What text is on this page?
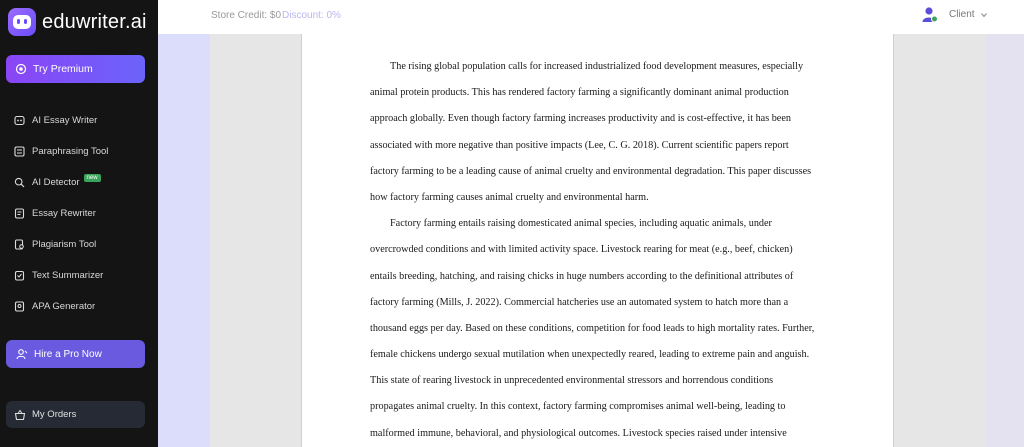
eduwriter.ai
Try Premium
AI Essay Writer
Paraphrasing Tool
AI Detector	new
Essay Rewriter
Plagiarism Tool
Text Summarizer
APA Generator
Hire a Pro Now
My Orders
Store Credit: $0 Discount: 0%	Client
The rising global population calls for increased industrialized food development measures, especially
animal protein products. This has rendered factory farming a significantly dominant animal production
approach globally. Even though factory farming increases productivity and is cost-effective, it has been
associated with more negative than positive impacts (Lee, C. G. 2018). Current scientific papers report
factory farming to be a leading cause of animal cruelty and environmental degradation. This paper discusses
how factory farming causes animal cruelty and environmental harm.
Factory farming entails raising domesticated animal species, including aquatic animals, under
overcrowded conditions and with limited activity space. Livestock rearing for meat (e.g., beef, chicken)
entails breeding, hatching, and raising chicks in huge numbers according to the definitional attributes of
factory farming (Mills, J. 2022). Commercial hatcheries use an automated system to hatch more than a
thousand eggs per day. Based on these conditions, competition for food leads to high mortality rates. Further,
female chickens undergo sexual mutilation when unexpectedly reared, leading to extreme pain and anguish.
This state of rearing livestock in unprecedented environmental stressors and horrendous conditions
propagates animal cruelty. In this context, factory farming compromises animal well-being, leading to
malformed immune, behavioral, and physiological outcomes. Livestock species raised under intensive
